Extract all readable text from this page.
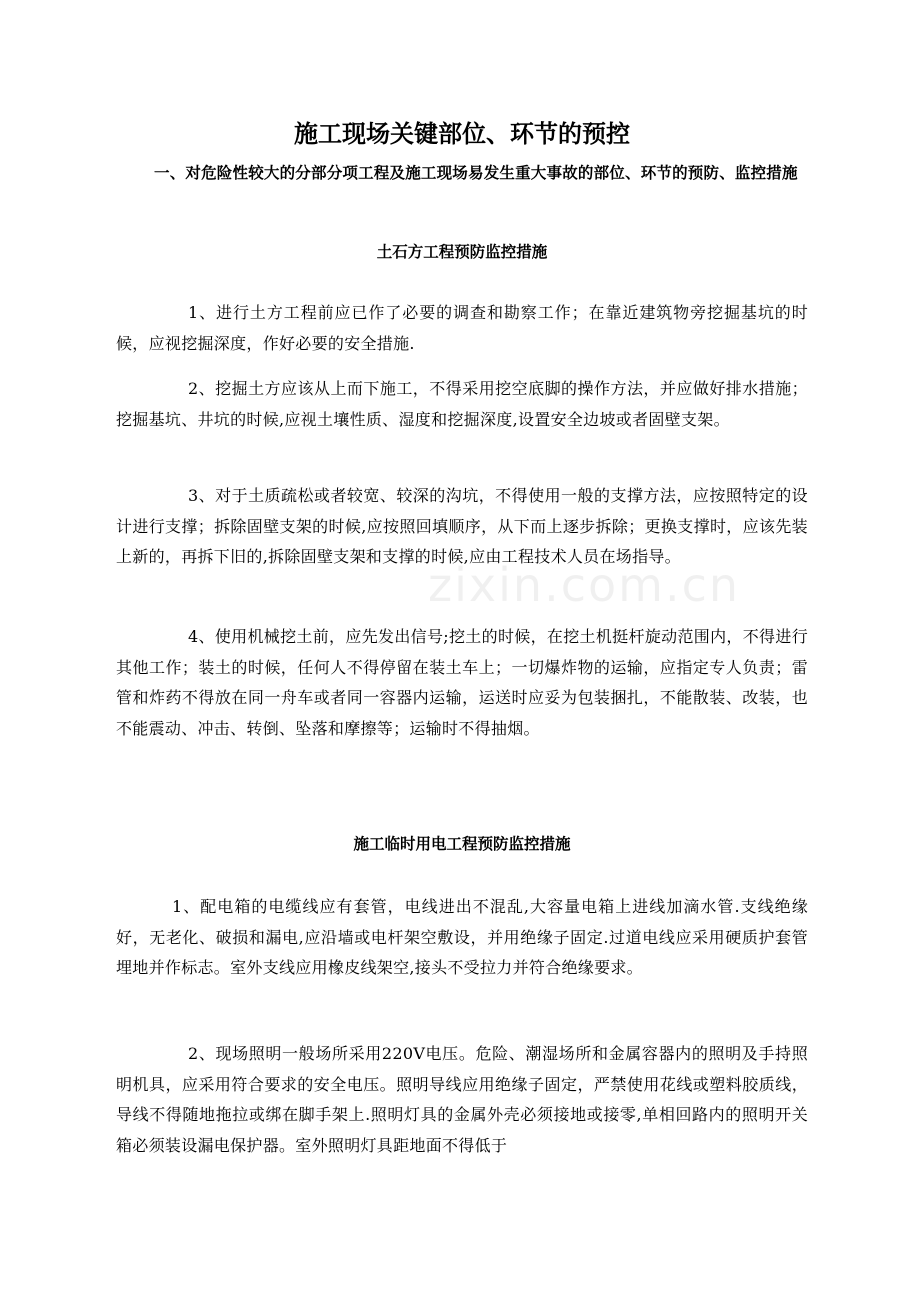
zixin.com.cn
施工现场关键部位、环节的预控

一、对危险性较大的分部分项工程及施工现场易发生重大事故的部位、环节的预防、监控措施

土石方工程预防监控措施

1、进行土方工程前应已作了必要的调查和勘察工作；在靠近建筑物旁挖掘基坑的时候，应视挖掘深度，作好必要的安全措施.

2、挖掘土方应该从上而下施工，不得采用挖空底脚的操作方法，并应做好排水措施；挖掘基坑、井坑的时候,应视土壤性质、湿度和挖掘深度,设置安全边坡或者固壁支架。

3、对于土质疏松或者较宽、较深的沟坑，不得使用一般的支撑方法，应按照特定的设计进行支撑；拆除固壁支架的时候,应按照回填顺序，从下而上逐步拆除；更换支撑时，应该先装上新的，再拆下旧的,拆除固壁支架和支撑的时候,应由工程技术人员在场指导。

4、使用机械挖土前，应先发出信号;挖土的时候，在挖土机挺杆旋动范围内，不得进行其他工作；装土的时候，任何人不得停留在装土车上；一切爆炸物的运输，应指定专人负责；雷管和炸药不得放在同一舟车或者同一容器内运输，运送时应妥为包装捆扎，不能散装、改装，也不能震动、冲击、转倒、坠落和摩擦等；运输时不得抽烟。

施工临时用电工程预防监控措施

1、配电箱的电缆线应有套管，电线进出不混乱,大容量电箱上进线加滴水管.支线绝缘好，无老化、破损和漏电,应沿墙或电杆架空敷设，并用绝缘子固定.过道电线应采用硬质护套管埋地并作标志。室外支线应用橡皮线架空,接头不受拉力并符合绝缘要求。

2、现场照明一般场所采用220V电压。危险、潮湿场所和金属容器内的照明及手持照明机具，应采用符合要求的安全电压。照明导线应用绝缘子固定，严禁使用花线或塑料胶质线，导线不得随地拖拉或绑在脚手架上.照明灯具的金属外壳必须接地或接零,单相回路内的照明开关箱必须装设漏电保护器。室外照明灯具距地面不得低于
